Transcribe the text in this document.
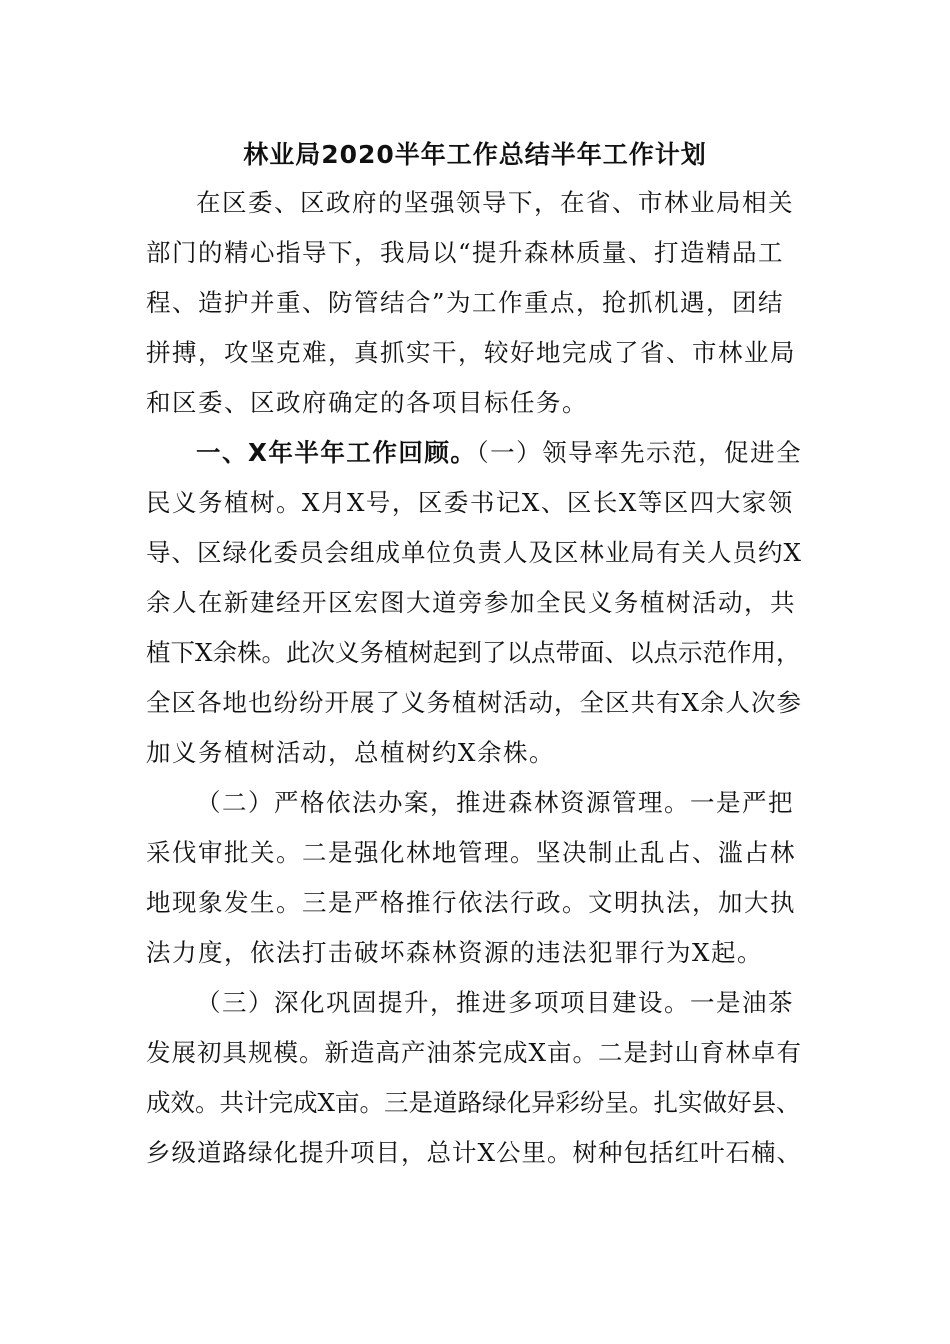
林业局2020半年工作总结半年工作计划
在区委、区政府的坚强领导下，在省、市林业局相关
部门的精心指导下，我局以“提升森林质量、打造精品工
程、造护并重、防管结合”为工作重点，抢抓机遇，团结
拼搏，攻坚克难，真抓实干，较好地完成了省、市林业局
和区委、区政府确定的各项目标任务。
一、X年半年工作回顾。（一）领导率先示范，促进全
民义务植树。X月X号，区委书记X、区长X等区四大家领
导、区绿化委员会组成单位负责人及区林业局有关人员约X
余人在新建经开区宏图大道旁参加全民义务植树活动，共
植下X余株。此次义务植树起到了以点带面、以点示范作用，
全区各地也纷纷开展了义务植树活动，全区共有X余人次参
加义务植树活动，总植树约X余株。
（二）严格依法办案，推进森林资源管理。一是严把
采伐审批关。二是强化林地管理。坚决制止乱占、滥占林
地现象发生。三是严格推行依法行政。文明执法，加大执
法力度，依法打击破坏森林资源的违法犯罪行为X起。
（三）深化巩固提升，推进多项项目建设。一是油茶
发展初具规模。新造高产油茶完成X亩。二是封山育林卓有
成效。共计完成X亩。三是道路绿化异彩纷呈。扎实做好县、
乡级道路绿化提升项目，总计X公里。树种包括红叶石楠、
